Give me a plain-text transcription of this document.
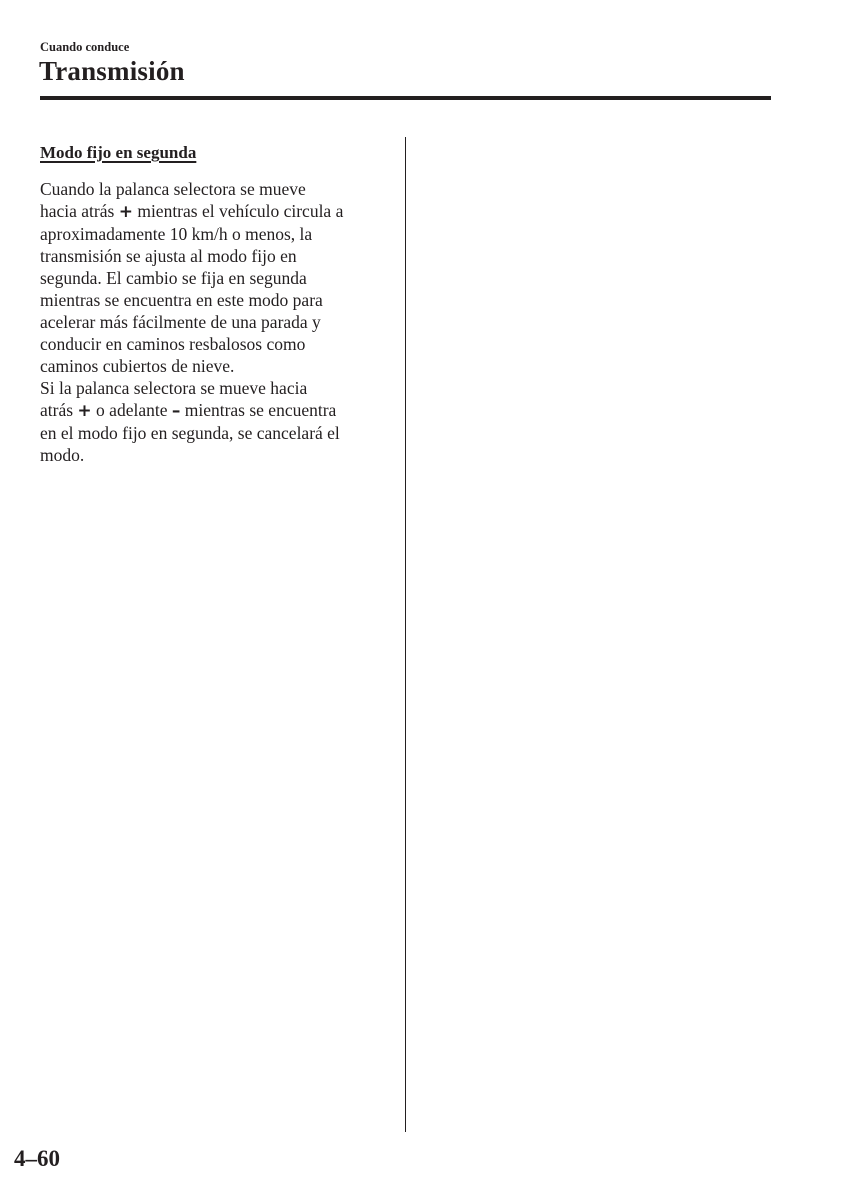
Cuando conduce
Transmisión
Modo fijo en segunda
Cuando la palanca selectora se mueve
hacia atrás + mientras el vehículo circula a
aproximadamente 10 km/h o menos, la
transmisión se ajusta al modo fijo en
segunda. El cambio se fija en segunda
mientras se encuentra en este modo para
acelerar más fácilmente de una parada y
conducir en caminos resbalosos como
caminos cubiertos de nieve.
Si la palanca selectora se mueve hacia
atrás + o adelante – mientras se encuentra
en el modo fijo en segunda, se cancelará el
modo.
4–60
